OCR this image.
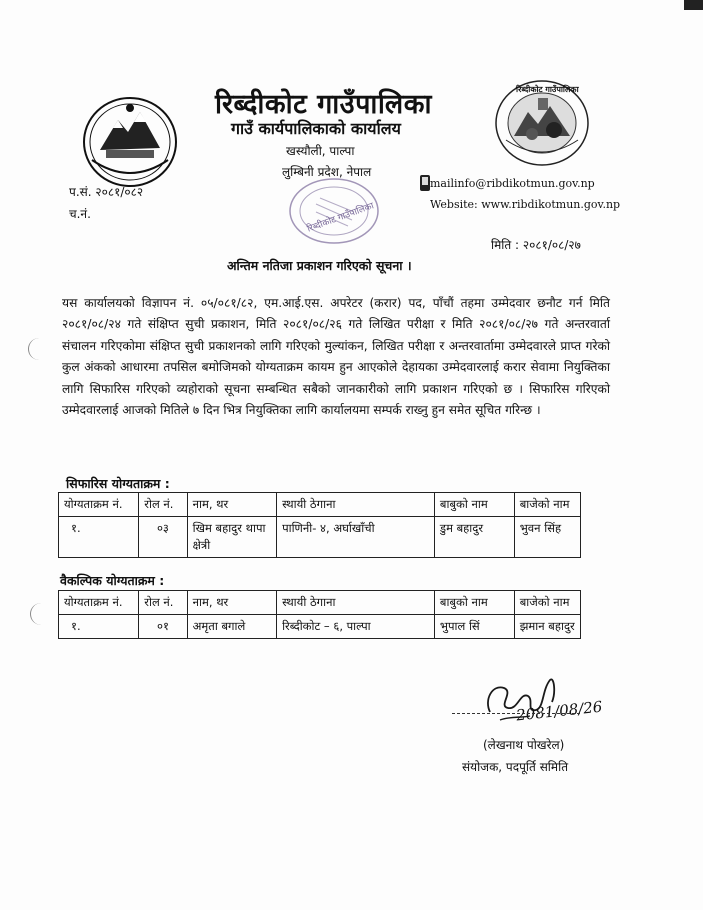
रिब्दीकोट गाउँपालिका
रिब्दीकोट गाउँपालिका
गाउँ कार्यपालिकाको कार्यालय
खस्यौली, पाल्पा
लुम्बिनी प्रदेश, नेपाल
रिब्दीकोट गाउँपालिका
प.सं. २०८१/०८२
च.नं.
mailinfo@ribdikotmun.gov.np
Website: www.ribdikotmun.gov.np
मिति : २०८१/०८/२७
अन्तिम नतिजा प्रकाशन गरिएको सूचना ।
यस कार्यालयको विज्ञापन नं. ०५/०८१/८२, एम.आई.एस. अपरेटर (करार) पद, पाँचौं तहमा उम्मेदवार छनौट गर्न मिति २०८१/०८/२४ गते संक्षिप्त सुची प्रकाशन, मिति २०८१/०८/२६ गते लिखित परीक्षा र मिति २०८१/०८/२७ गते अन्तरवार्ता संचालन गरिएकोमा संक्षिप्त सुची प्रकाशनको लागि गरिएको मुल्यांकन, लिखित परीक्षा र अन्तरवार्तामा उम्मेदवारले प्राप्त गरेको कुल अंकको आधारमा तपसिल बमोजिमको योग्यताक्रम कायम हुन आएकोले देहायका उम्मेदवारलाई करार सेवामा नियुक्तिका लागि सिफारिस गरिएको व्यहोराको सूचना सम्बन्धित सबैको जानकारीको लागि प्रकाशन गरिएको छ । सिफारिस गरिएको उम्मेदवारलाई आजको मितिले ७ दिन भित्र नियुक्तिका लागि कार्यालयमा सम्पर्क राख्नु हुन समेत सूचित गरिन्छ ।
सिफारिस योग्यताक्रम :
योग्यताक्रम नं.	रोल नं.	नाम, थर	स्थायी ठेगाना	बाबुको नाम	बाजेको नाम
१.	०३	खिम बहादुर थापा क्षेत्री	पाणिनी- ४, अर्घाखाँची	डुम बहादुर	भुवन सिंह
वैकल्पिक योग्यताक्रम :
योग्यताक्रम नं.	रोल नं.	नाम, थर	स्थायी ठेगाना	बाबुको नाम	बाजेको नाम
१.	०१	अमृता बगाले	रिब्दीकोट – ६, पाल्पा	भुपाल सिं	झमान बहादुर
2081/08/26
(लेखनाथ पोखरेल)
संयोजक, पदपूर्ति समिति
